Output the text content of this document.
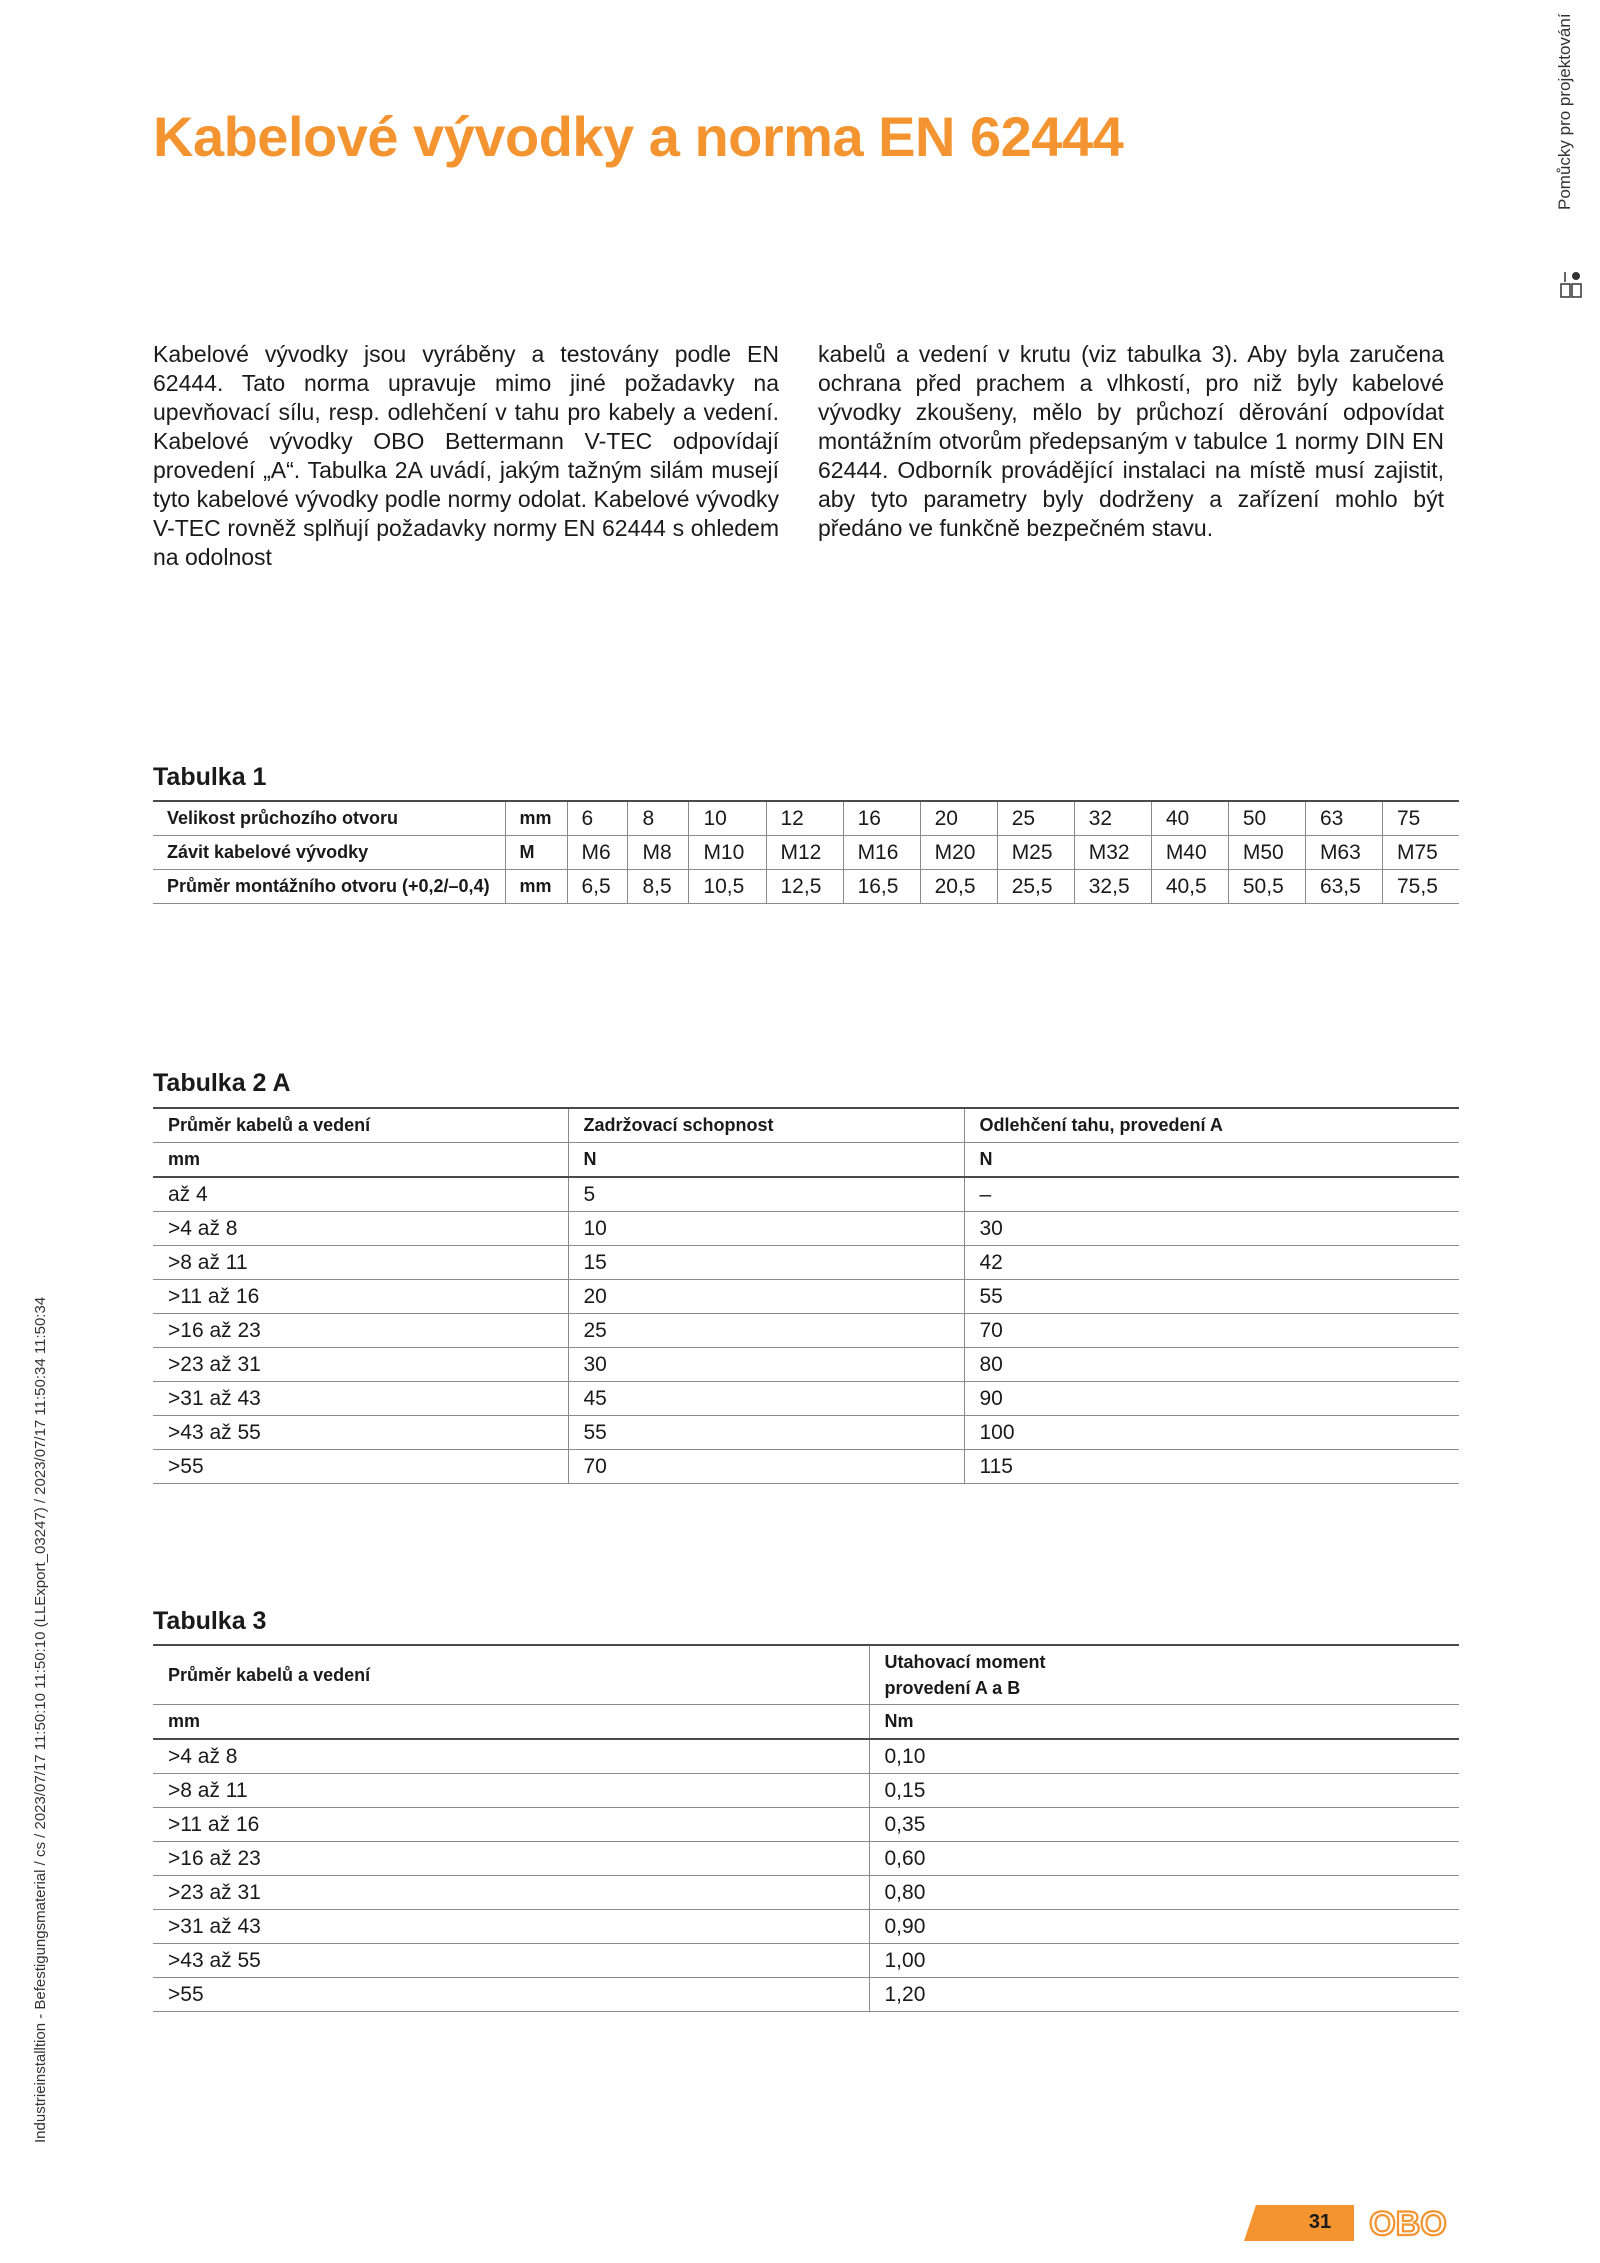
Kabelové vývodky a norma EN 62444	Pomůcky pro projektování
Kabelové vývodky jsou vyráběny a testovány podle EN 62444. Tato norma upravuje mimo jiné požadavky na upevňovací sílu, resp. odlehčení v tahu pro kabely a vedení. Kabelové vývodky OBO Bettermann V-TEC odpovídají provedení „A“. Tabulka 2A uvádí, jakým tažným silám musejí tyto kabelové vývodky podle normy odolat. Kabelové vývodky V-TEC rovněž splňují požadavky normy EN 62444 s ohledem na odolnost
kabelů a vedení v krutu (viz tabulka 3). Aby byla zaručena ochrana před prachem a vlhkostí, pro niž byly kabelové vývodky zkoušeny, mělo by průchozí děrování odpovídat montážním otvorům předepsaným v tabulce 1 normy DIN EN 62444. Odborník provádějící instalaci na místě musí zajistit, aby tyto parametry byly dodrženy a zařízení mohlo být předáno ve funkčně bezpečném stavu.
Tabulka 1
Velikost průchozího otvoru	mm	6	8	10	12	16	20	25	32	40	50	63	75
Závit kabelové vývodky	M	M6	M8	M10	M12	M16	M20	M25	M32	M40	M50	M63	M75
Průměr montážního otvoru (+0,2/–0,4)	mm	6,5	8,5	10,5	12,5	16,5	20,5	25,5	32,5	40,5	50,5	63,5	75,5
Tabulka 2 A
Průměr kabelů a vedení	Zadržovací schopnost	Odlehčení tahu, provedení A
mm	N	N
až 4	5	–
>4 až 8	10	30
>8 až 11	15	42
>11 až 16	20	55
>16 až 23	25	70
>23 až 31	30	80
>31 až 43	45	90
>43 až 55	55	100
>55	70	115
Tabulka 3
Průměr kabelů a vedení	Utahovací moment
provedení A a B
mm	Nm
>4 až 8	0,10
>8 až 11	0,15
>11 až 16	0,35
>16 až 23	0,60
>23 až 31	0,80
>31 až 43	0,90
>43 až 55	1,00
>55	1,20
Industrieinstalltion - Befestigungsmaterial / cs / 2023/07/17 11:50:10 11:50:10 (LLExport_03247) / 2023/07/17 11:50:34 11:50:34
31	OBO
